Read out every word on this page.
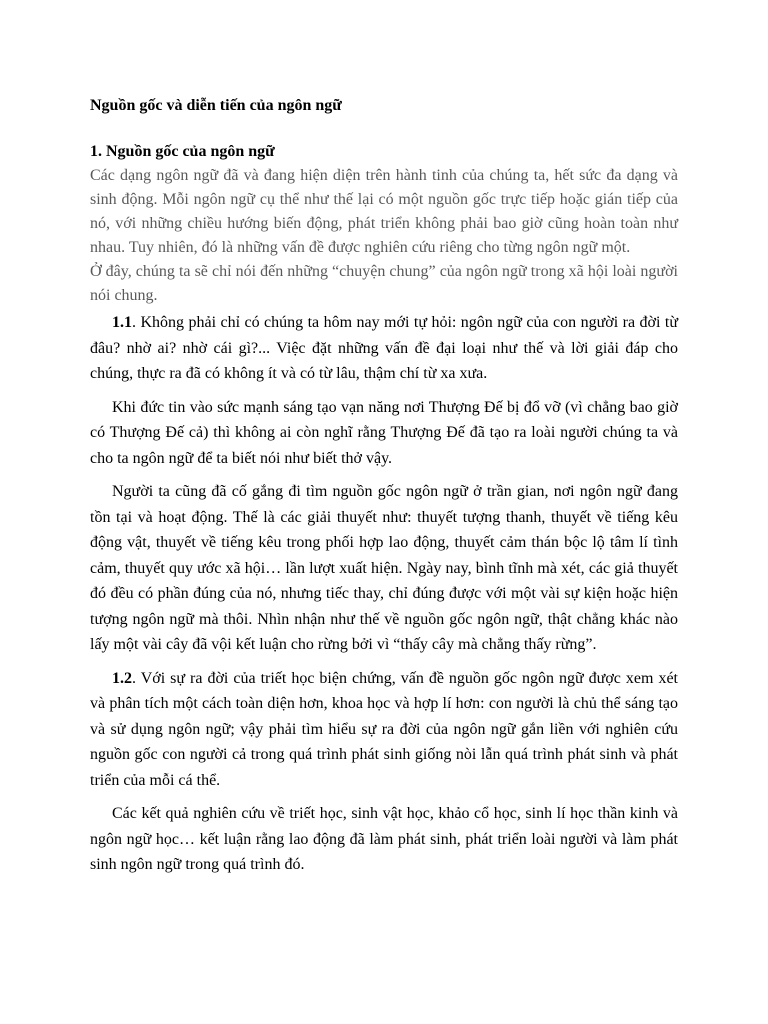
Nguồn gốc và diễn tiến của ngôn ngữ
1. Nguồn gốc của ngôn ngữ

Các dạng ngôn ngữ đã và đang hiện diện trên hành tinh của chúng ta, hết sức đa dạng và sinh động. Mỗi ngôn ngữ cụ thể như thế lại có một nguồn gốc trực tiếp hoặc gián tiếp của nó, với những chiều hướng biến động, phát triển không phải bao giờ cũng hoàn toàn như nhau. Tuy nhiên, đó là những vấn đề được nghiên cứu riêng cho từng ngôn ngữ một.

Ở đây, chúng ta sẽ chỉ nói đến những “chuyện chung” của ngôn ngữ trong xã hội loài người nói chung.

1.1. Không phải chỉ có chúng ta hôm nay mới tự hỏi: ngôn ngữ của con người ra đời từ đâu? nhờ ai? nhờ cái gì?... Việc đặt những vấn đề đại loại như thế và lời giải đáp cho chúng, thực ra đã có không ít và có từ lâu, thậm chí từ xa xưa.

Khi đức tin vào sức mạnh sáng tạo vạn năng nơi Thượng Đế bị đổ vỡ (vì chẳng bao giờ có Thượng Đế cả) thì không ai còn nghĩ rằng Thượng Đế đã tạo ra loài người chúng ta và cho ta ngôn ngữ để ta biết nói như biết thở vậy.

Người ta cũng đã cố gắng đi tìm nguồn gốc ngôn ngữ ở trần gian, nơi ngôn ngữ đang tồn tại và hoạt động. Thế là các giải thuyết như: thuyết tượng thanh, thuyết về tiếng kêu động vật, thuyết về tiếng kêu trong phối hợp lao động, thuyết cảm thán bộc lộ tâm lí tình cảm, thuyết quy ước xã hội… lần lượt xuất hiện. Ngày nay, bình tĩnh mà xét, các giả thuyết đó đều có phần đúng của nó, nhưng tiếc thay, chỉ đúng được với một vài sự kiện hoặc hiện tượng ngôn ngữ mà thôi. Nhìn nhận như thế về nguồn gốc ngôn ngữ, thật chẳng khác nào lấy một vài cây đã vội kết luận cho rừng bởi vì “thấy cây mà chẳng thấy rừng”.

1.2. Với sự ra đời của triết học biện chứng, vấn đề nguồn gốc ngôn ngữ được xem xét và phân tích một cách toàn diện hơn, khoa học và hợp lí hơn: con người là chủ thể sáng tạo và sử dụng ngôn ngữ; vậy phải tìm hiểu sự ra đời của ngôn ngữ gắn liền với nghiên cứu nguồn gốc con người cả trong quá trình phát sinh giống nòi lẫn quá trình phát sinh và phát triển của mỗi cá thể.

Các kết quả nghiên cứu về triết học, sinh vật học, khảo cổ học, sinh lí học thần kinh và ngôn ngữ học… kết luận rằng lao động đã làm phát sinh, phát triển loài người và làm phát sinh ngôn ngữ trong quá trình đó.
